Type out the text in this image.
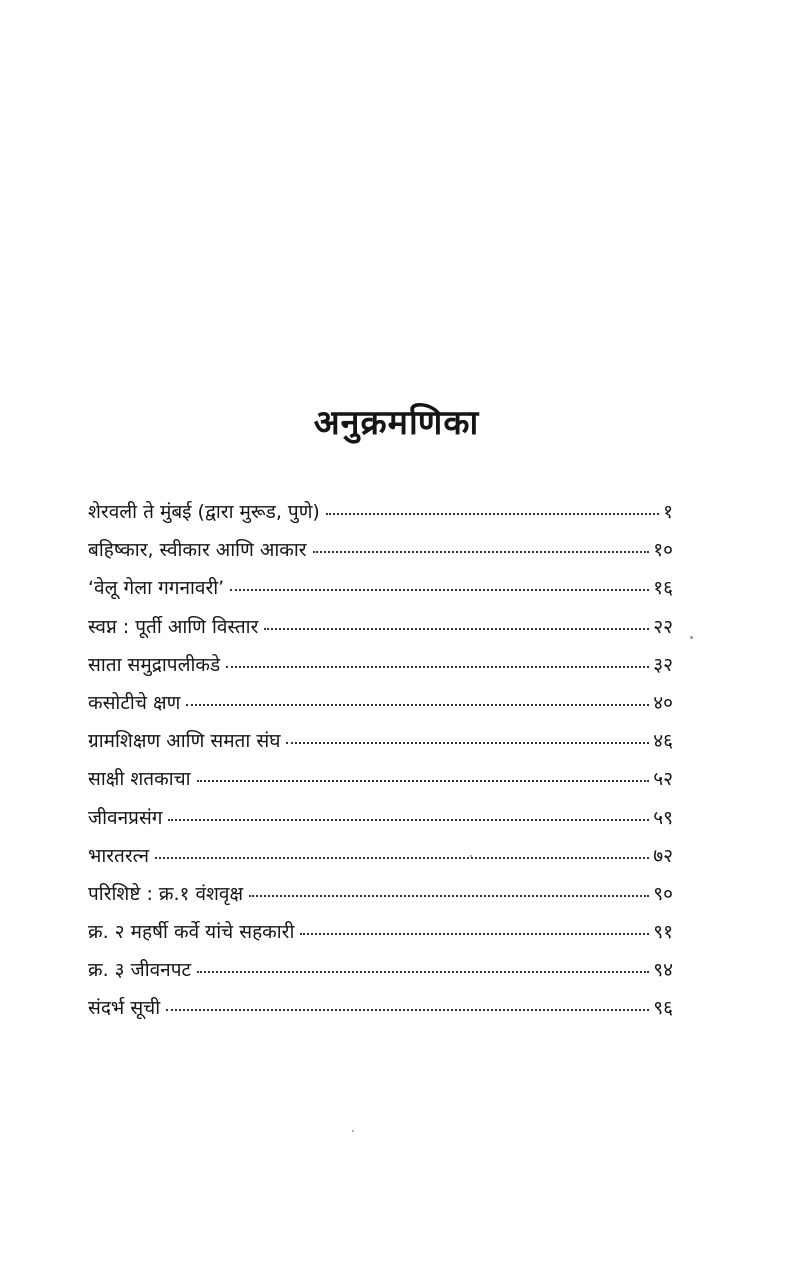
अनुक्रमणिका
शेरवली ते मुंबई (द्वारा मुरूड, पुणे)	१
बहिष्कार, स्वीकार आणि आकार	१०
‘वेलू गेला गगनावरी’	१६
स्वप्न : पूर्ती आणि विस्तार	२२
साता समुद्रापलीकडे	३२
कसोटीचे क्षण	४०
ग्रामशिक्षण आणि समता संघ	४६
साक्षी शतकाचा	५२
जीवनप्रसंग	५९
भारतरत्न	७२
परिशिष्टे : क्र.१ वंशवृक्ष	९०
क्र. २ महर्षी कर्वे यांचे सहकारी	९१
क्र. ३ जीवनपट	९४
संदर्भ सूची	९६
